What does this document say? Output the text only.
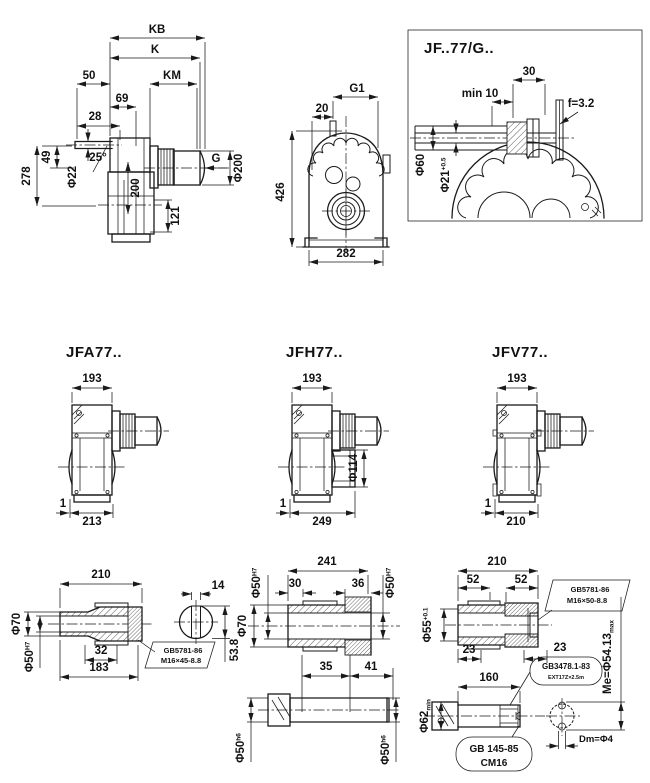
KB
K
50	KM
69
28
25°
278
49
Φ22	200
121
G Φ200
G1
20
426
282
JF..77/G..
30
min 10
f=3.2
Φ60
$\Phi 21^{+0.5}$
JFA77..
193
213
1
JFH77..
Φ114
193
249
1
JFV77..
193
210
1
210
Φ70
$\Phi 50^{H7}$	32
183
GB5781-86
M16×45-8.8
14
53.8
241
30	36
$\Phi 50^{H7}$
Φ70
$\Phi 50^{H7}$
35	41
$\Phi 50^{h6}$
$\Phi 50^{h6}$
$\Phi 55^{+0.1}$
210
52	52
23	23
GB5781-86
M16×50-8.8
GB3478.1-83
EXT17Z×2.5m
160
$\Phi 62_{min}$
GB 145-85
CM16
$Me=\Phi 54.13_{max}$
Dm=Φ4
